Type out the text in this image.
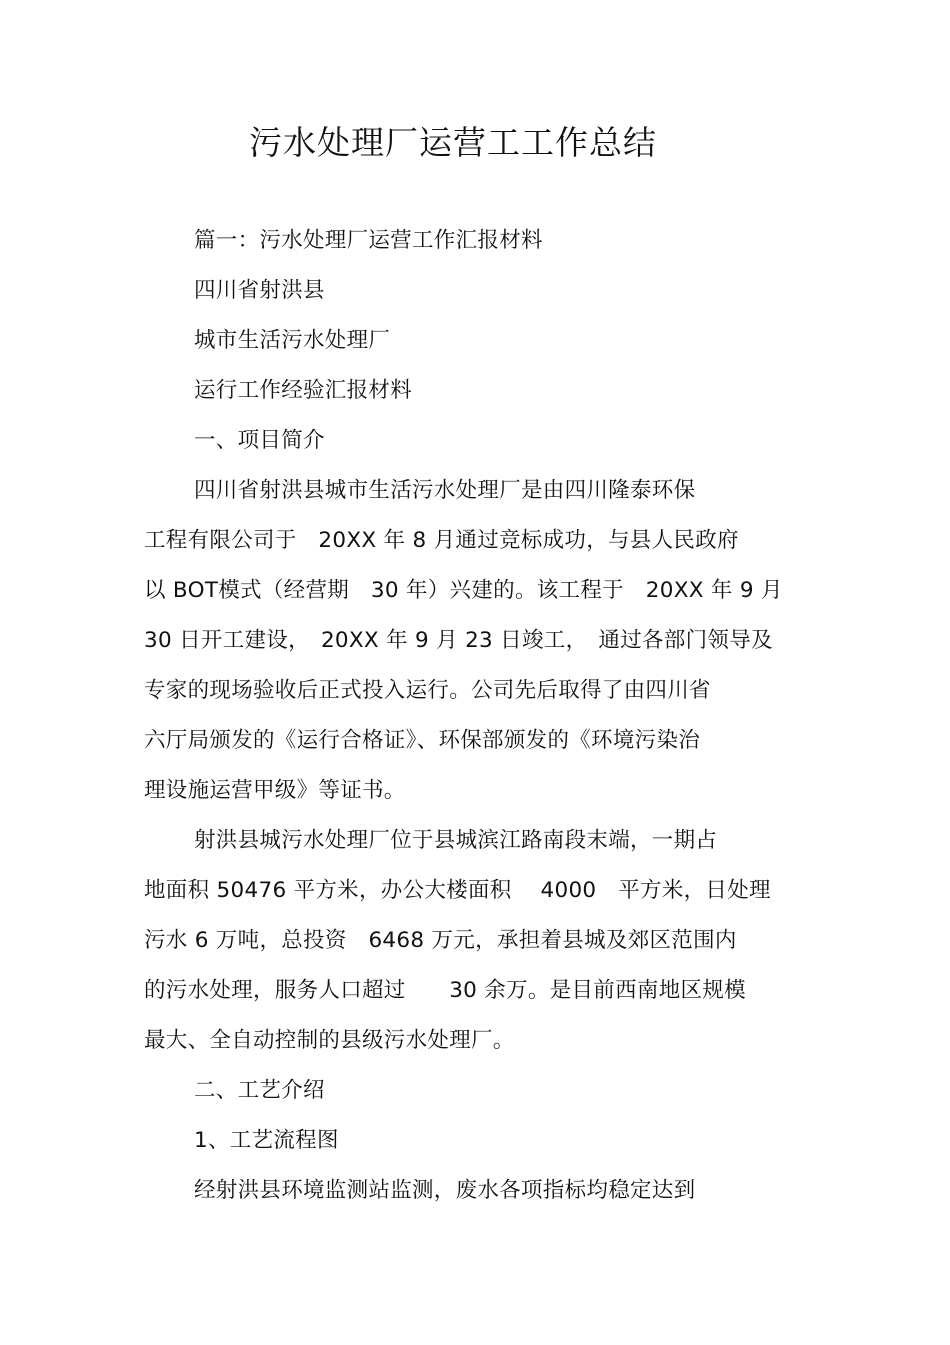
污水处理厂运营工工作总结
篇一：污水处理厂运营工作汇报材料
四川省射洪县
城市生活污水处理厂
运行工作经验汇报材料
一、项目简介
四川省射洪县城市生活污水处理厂是由四川隆泰环保
工程有限公司于　20XX 年 8 月通过竞标成功，与县人民政府
以 BOT模式（经营期　30 年）兴建的。该工程于　20XX 年 9 月
30 日开工建设，　20XX 年 9 月 23 日竣工，　通过各部门领导及
专家的现场验收后正式投入运行。公司先后取得了由四川省
六厅局颁发的《运行合格证》、环保部颁发的《环境污染治
理设施运营甲级》等证书。
射洪县城污水处理厂位于县城滨江路南段末端，一期占
地面积 50476 平方米，办公大楼面积　 4000　平方米，日处理
污水 6 万吨，总投资　6468 万元，承担着县城及郊区范围内
的污水处理，服务人口超过　　30 余万。是目前西南地区规模
最大、全自动控制的县级污水处理厂。
二、工艺介绍
1、工艺流程图
经射洪县环境监测站监测，废水各项指标均稳定达到
